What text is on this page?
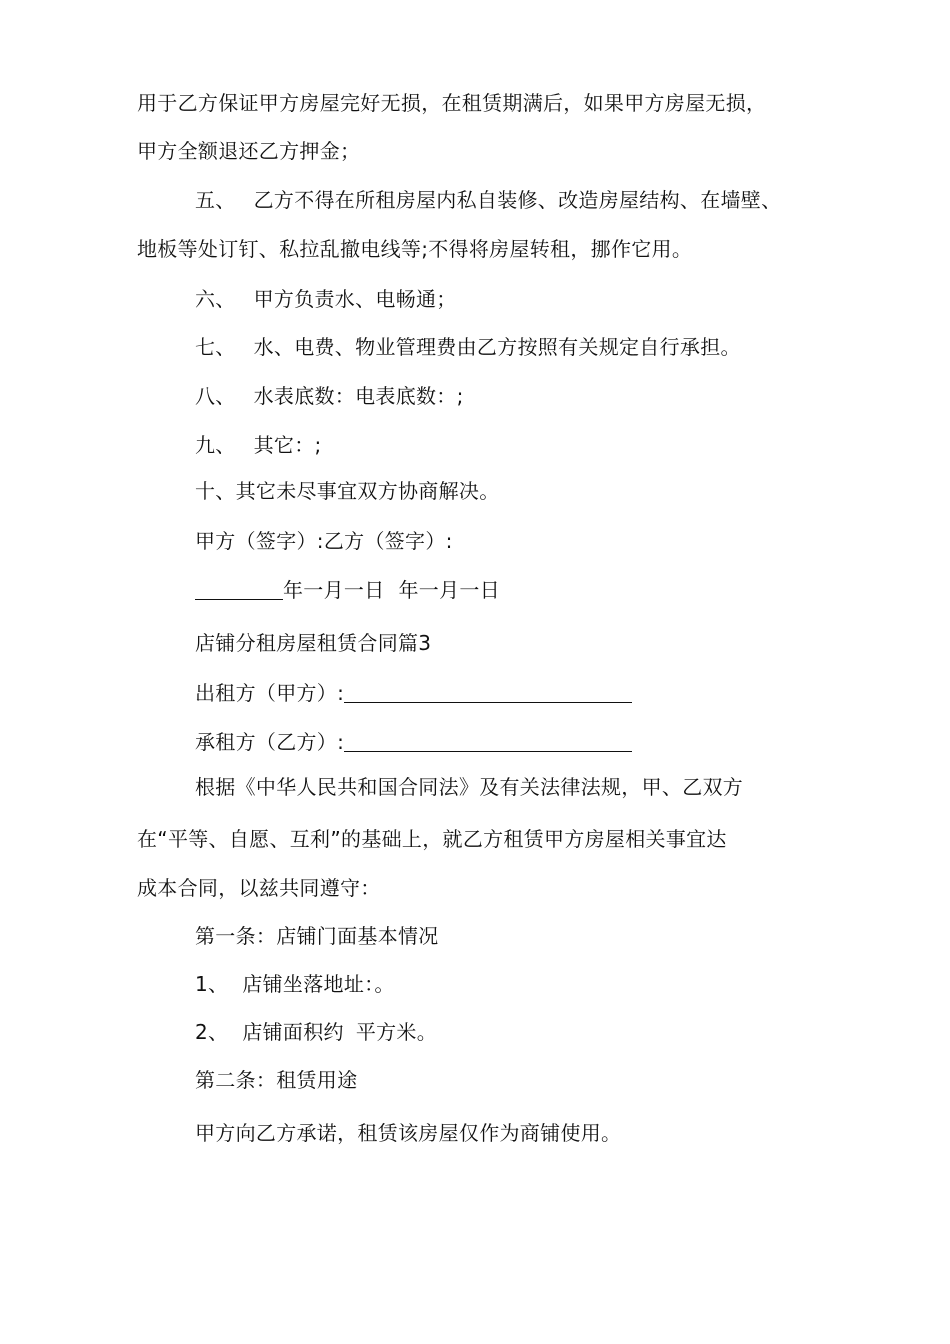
用于乙方保证甲方房屋完好无损，在租赁期满后，如果甲方房屋无损，
甲方全额退还乙方押金；
五、 乙方不得在所租房屋内私自装修、改造房屋结构、在墙壁、
地板等处订钉、私拉乱撤电线等;不得将房屋转租，挪作它用。
六、 甲方负责水、电畅通；
七、 水、电费、物业管理费由乙方按照有关规定自行承担。
八、 水表底数：电表底数：;
九、 其它：;
十、其它未尽事宜双方协商解决。
甲方（签字）:乙方（签字）:
年一月一日 年一月一日
店铺分租房屋租赁合同篇3
出租方（甲方）:
承租方（乙方）:
根据《中华人民共和国合同法》及有关法律法规，甲、乙双方
在“平等、自愿、互利”的基础上，就乙方租赁甲方房屋相关事宜达
成本合同，以兹共同遵守：
第一条：店铺门面基本情况
1、 店铺坐落地址：。
2、 店铺面积约 平方米。
第二条：租赁用途
甲方向乙方承诺，租赁该房屋仅作为商铺使用。
